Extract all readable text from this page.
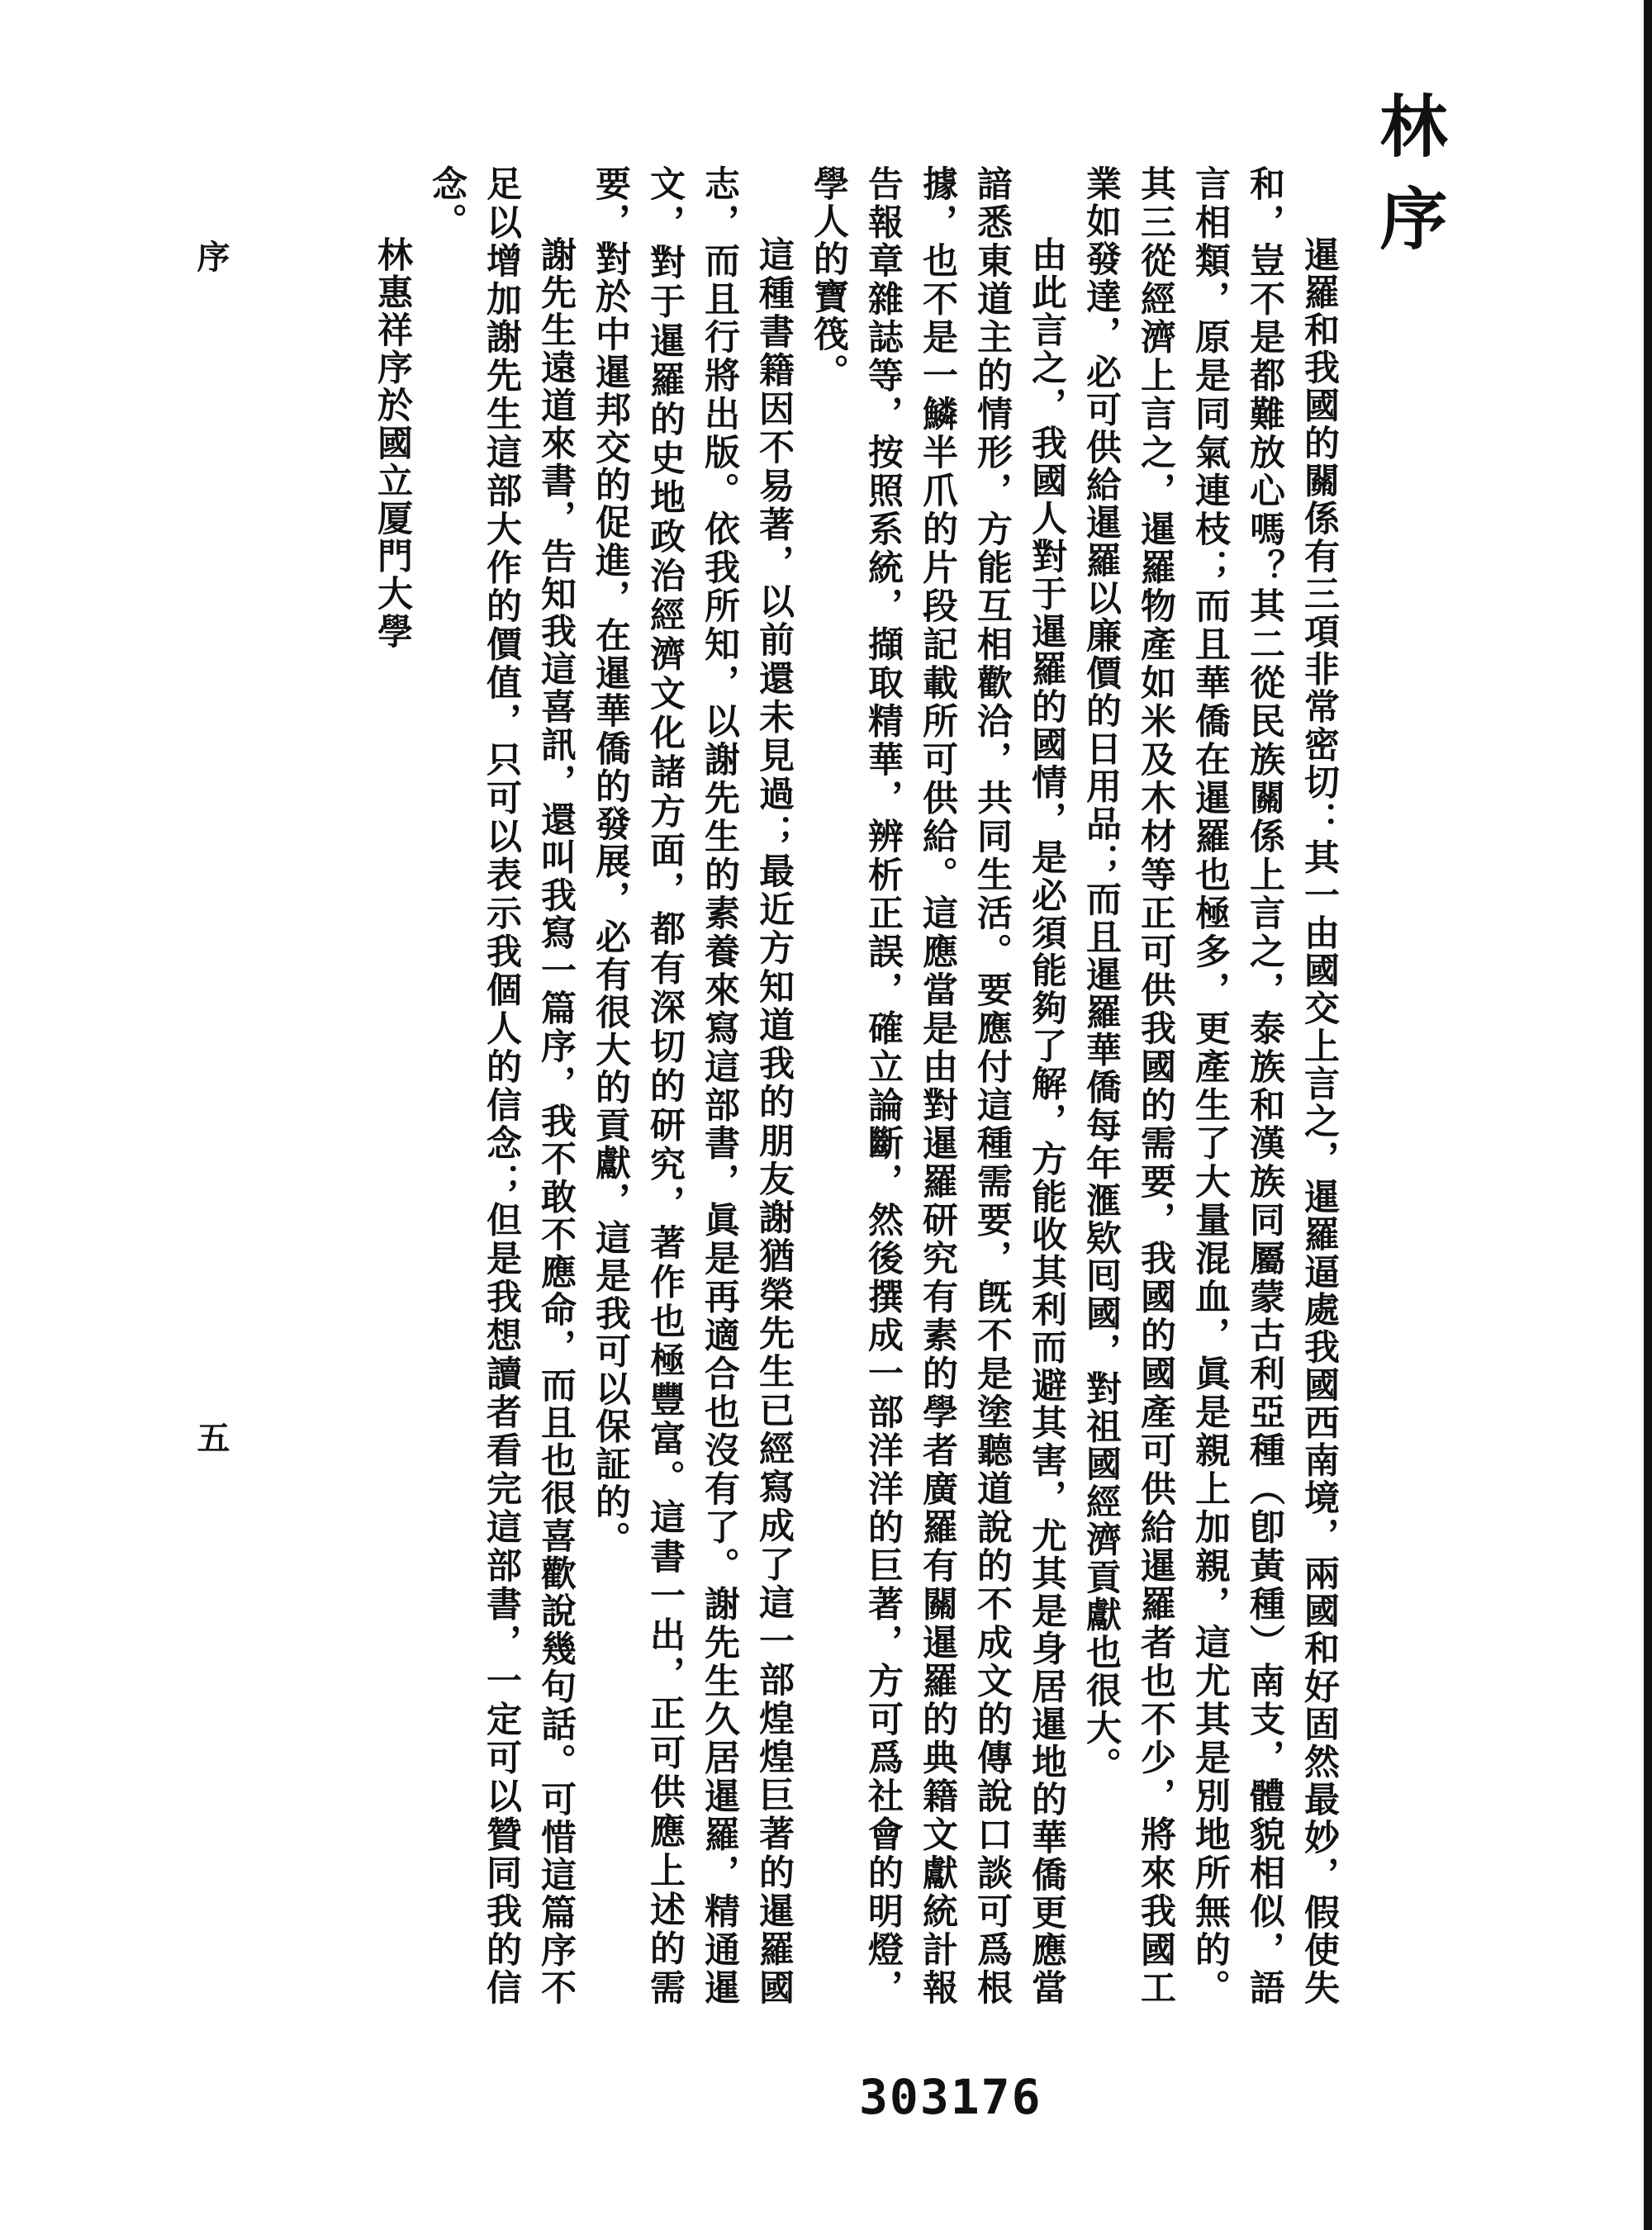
林序

暹羅和我國的關係有三項非常密切：其一由國交上言之，暹羅逼處我國西南境，兩國和好固然最妙，假使失和，豈不是都難放心嗎？其二從民族關係上言之，泰族和漢族同屬蒙古利亞種（卽黃種）南支，體貌相似，語言相類，原是同氣連枝；而且華僑在暹羅也極多，更產生了大量混血，眞是親上加親，這尤其是別地所無的。其三從經濟上言之，暹羅物產如米及木材等正可供我國的需要，我國的國產可供給暹羅者也不少，將來我國工業如發達，必可供給暹羅以廉價的日用品；而且暹羅華僑每年滙欵囘國，對祖國經濟貢獻也很大。

由此言之，我國人對于暹羅的國情，是必須能夠了解，方能收其利而避其害，尤其是身居暹地的華僑更應當諳悉東道主的情形，方能互相歡洽，共同生活。要應付這種需要，旣不是塗聽道說的不成文的傳說口談可爲根據，也不是一鱗半爪的片段記載所可供給。這應當是由對暹羅研究有素的學者廣羅有關暹羅的典籍文獻統計報告報章雜誌等，按照系統，擷取精華，辨析正誤，確立論斷，然後撰成一部洋洋的巨著，方可爲社會的明燈，學人的寶筏。

這種書籍因不易著，以前還未見過；最近方知道我的朋友謝猶榮先生已經寫成了這一部煌煌巨著的暹羅國志，而且行將出版。依我所知，以謝先生的素養來寫這部書，眞是再適合也沒有了。謝先生久居暹羅，精通暹文，對于暹羅的史地政治經濟文化諸方面，都有深切的研究，著作也極豐富。這書一出，正可供應上述的需要，對於中暹邦交的促進，在暹華僑的發展，必有很大的貢獻，這是我可以保証的。

謝先生遠道來書，告知我這喜訊，還叫我寫一篇序，我不敢不應命，而且也很喜歡說幾句話。可惜這篇序不足以增加謝先生這部大作的價值，只可以表示我個人的信念；但是我想讀者看完這部書，一定可以贊同我的信念。

林惠祥序於國立厦門大學

序
五
303176
